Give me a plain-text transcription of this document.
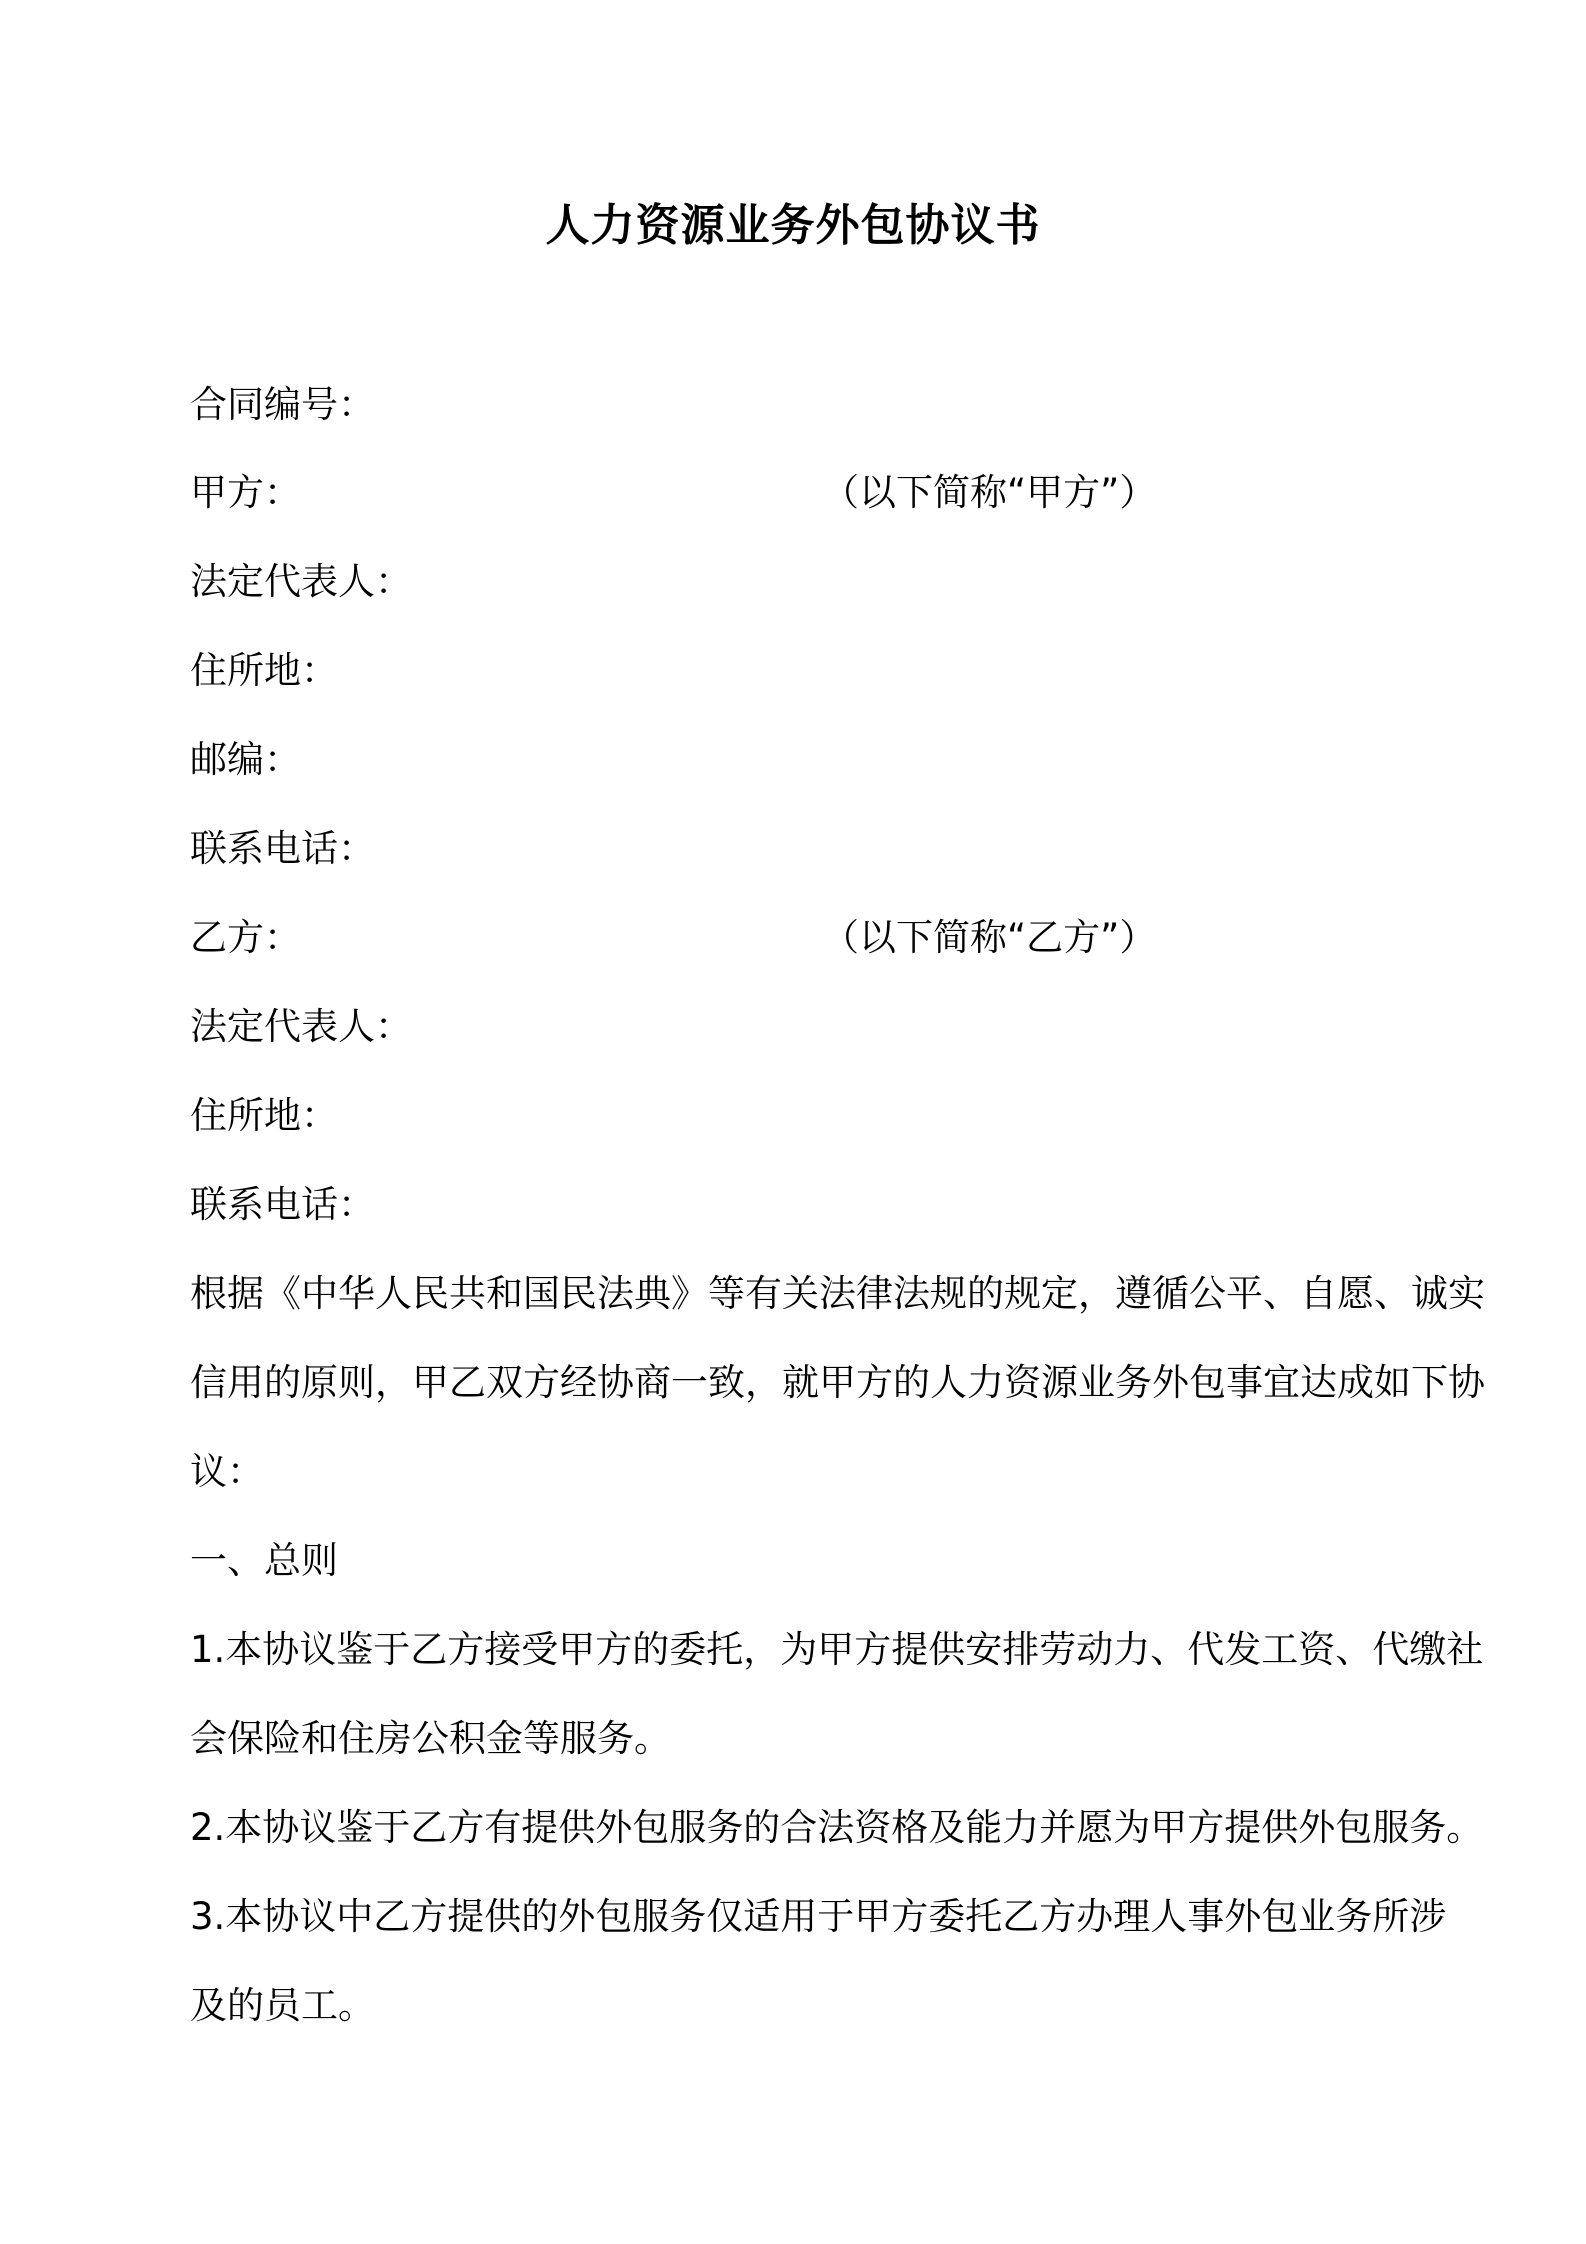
人力资源业务外包协议书

合同编号：

甲方：	（以下简称“甲方”）

法定代表人：

住所地：

邮编：

联系电话：

乙方：	（以下简称“乙方”）

法定代表人：

住所地：

联系电话：

根据《中华人民共和国民法典》等有关法律法规的规定，遵循公平、自愿、诚实

信用的原则，甲乙双方经协商一致，就甲方的人力资源业务外包事宜达成如下协

议：

一、总则

1.本协议鉴于乙方接受甲方的委托，为甲方提供安排劳动力、代发工资、代缴社

会保险和住房公积金等服务。

2.本协议鉴于乙方有提供外包服务的合法资格及能力并愿为甲方提供外包服务。

3.本协议中乙方提供的外包服务仅适用于甲方委托乙方办理人事外包业务所涉

及的员工。
